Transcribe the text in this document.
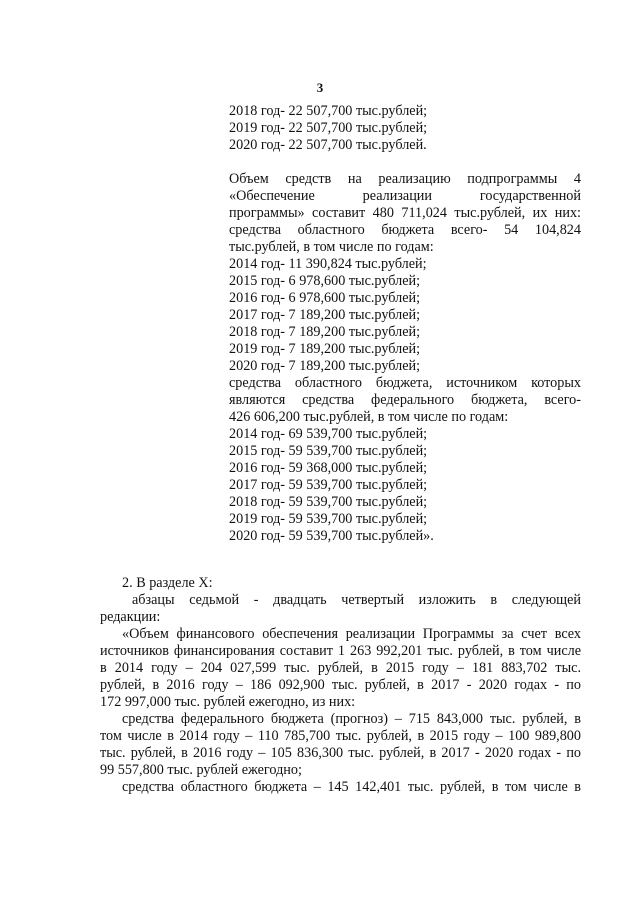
3
2018 год- 22 507,700 тыс.рублей;
2019 год- 22 507,700 тыс.рублей;
2020 год- 22 507,700 тыс.рублей.
Объем средств на реализацию подпрограммы 4
«Обеспечение реализации государственной
программы» составит 480 711,024 тыс.рублей, их них:
средства областного бюджета всего- 54 104,824
тыс.рублей, в том числе по годам:
2014 год- 11 390,824 тыс.рублей;
2015 год- 6 978,600 тыс.рублей;
2016 год- 6 978,600 тыс.рублей;
2017 год- 7 189,200 тыс.рублей;
2018 год- 7 189,200 тыс.рублей;
2019 год- 7 189,200 тыс.рублей;
2020 год- 7 189,200 тыс.рублей;
средства областного бюджета, источником которых
являются средства федерального бюджета, всего-
426 606,200 тыс.рублей, в том числе по годам:
2014 год- 69 539,700 тыс.рублей;
2015 год- 59 539,700 тыс.рублей;
2016 год- 59 368,000 тыс.рублей;
2017 год- 59 539,700 тыс.рублей;
2018 год- 59 539,700 тыс.рублей;
2019 год- 59 539,700 тыс.рублей;
2020 год- 59 539,700 тыс.рублей».
2. В разделе X:
абзацы седьмой - двадцать четвертый изложить в следующей
редакции:
«Объем финансового обеспечения реализации Программы за счет всех
источников финансирования составит 1 263 992,201 тыс. рублей, в том числе
в 2014 году – 204 027,599 тыс. рублей, в 2015 году – 181 883,702 тыс.
рублей, в 2016 году – 186 092,900 тыс. рублей, в 2017 - 2020 годах - по
172 997,000 тыс. рублей ежегодно, из них:
средства федерального бюджета (прогноз) – 715 843,000 тыс. рублей, в
том числе в 2014 году – 110 785,700 тыс. рублей, в 2015 году – 100 989,800
тыс. рублей, в 2016 году – 105 836,300 тыс. рублей, в 2017 - 2020 годах - по
99 557,800 тыс. рублей ежегодно;
средства областного бюджета – 145 142,401 тыс. рублей, в том числе в
